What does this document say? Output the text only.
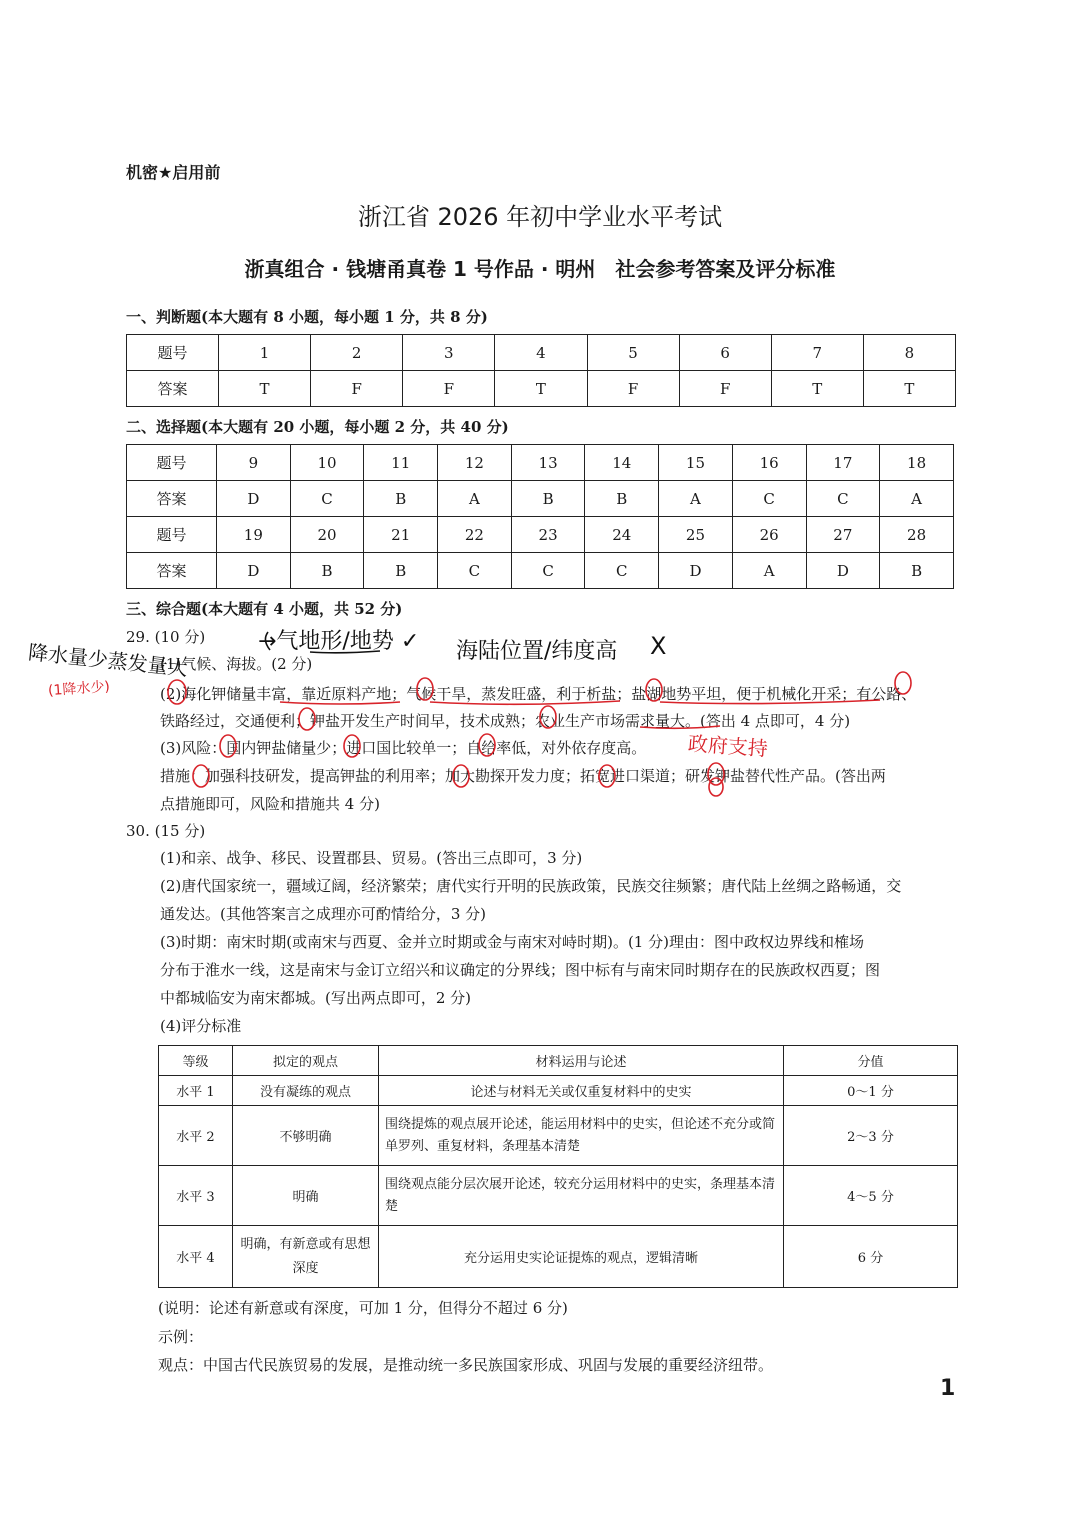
机密★启用前
浙江省 2026 年初中学业水平考试
浙真组合 · 钱塘甬真卷 1 号作品 · 明州　社会参考答案及评分标准
一、判断题(本大题有 8 小题，每小题 1 分，共 8 分)
题号	1	2	3	4	5	6	7	8
答案	T	F	F	T	F	F	T	T
二、选择题(本大题有 20 小题，每小题 2 分，共 40 分)
题号	9	10	11	12	13	14	15	16	17	18
答案	D	C	B	A	B	B	A	C	C	A
题号	19	20	21	22	23	24	25	26	27	28
答案	D	B	B	C	C	C	D	A	D	B
三、综合题(本大题有 4 小题，共 52 分)
29. (10 分)
(1)气候、海拔。(2 分)
(2)海化钾储量丰富，靠近原料产地；气候干旱，蒸发旺盛，利于析盐；盐湖地势平坦，便于机械化开采；有公路、
铁路经过，交通便利；钾盐开发生产时间早，技术成熟；农业生产市场需求量大。(答出 4 点即可，4 分)
(3)风险：国内钾盐储量少；进口国比较单一；自给率低，对外依存度高。
措施：加强科技研发，提高钾盐的利用率；加大勘探开发力度；拓宽进口渠道；研发钾盐替代性产品。(答出两
点措施即可，风险和措施共 4 分)
30. (15 分)
(1)和亲、战争、移民、设置郡县、贸易。(答出三点即可，3 分)
(2)唐代国家统一，疆域辽阔，经济繁荣；唐代实行开明的民族政策，民族交往频繁；唐代陆上丝绸之路畅通，交
通发达。(其他答案言之成理亦可酌情给分，3 分)
(3)时期：南宋时期(或南宋与西夏、金并立时期或金与南宋对峙时期)。(1 分)理由：图中政权边界线和榷场
分布于淮水一线，这是南宋与金订立绍兴和议确定的分界线；图中标有与南宋同时期存在的民族政权西夏；图
中都城临安为南宋都城。(写出两点即可，2 分)
(4)评分标准
等级	拟定的观点	材料运用与论述	分值
水平 1	没有凝练的观点	论述与材料无关或仅重复材料中的史实	0～1 分
水平 2	不够明确	围绕提炼的观点展开论述，能运用材料中的史实，但论述不充分或简单罗列、重复材料，条理基本清楚	2～3 分
水平 3	明确	围绕观点能分层次展开论述，较充分运用材料中的史实，条理基本清楚	4～5 分
水平 4	明确，有新意或有思想深度	充分运用史实论证提炼的观点，逻辑清晰	6 分
(说明：论述有新意或有深度，可加 1 分，但得分不超过 6 分)
示例：
观点：中国古代民族贸易的发展，是推动统一多民族国家形成、巩固与发展的重要经济纽带。
1
降水量少蒸发量大
(1降水少)
→气地形/地势 ✓ 海陆位置/纬度高 X
政府支持
